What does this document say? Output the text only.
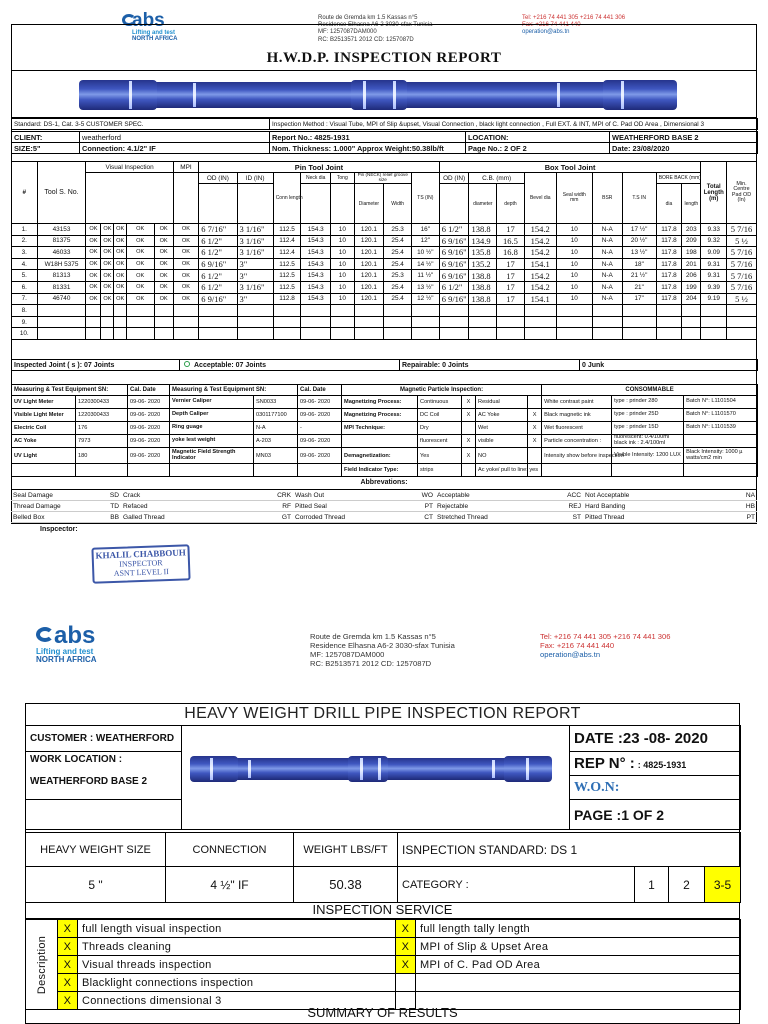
abs
Lifting and test
NORTH AFRICA
Route de Gremda km 1.5 Kassas n°5
Residence Elhasna A6-2 3030-sfax Tunisia
MF: 1257087DAM000
RC: B2513571 2012 CD: 1257087D
Tel: +216 74 441 305 +216 74 441 306
Fax: +216 74 441 440
operation@abs.tn
H.W.D.P. INSPECTION REPORT
Standard: DS-1, Cat. 3-5 CUSTOMER SPEC.	Inspection Method : Visual Tube, MPI of Slip &upset, Visual Connection , black light connection , Full EXT. & INT, MPI of C. Pad OD Area , Dimensional 3
CLIENT:	weatherford	Report No.: 4825-1931	LOCATION:	WEATHERFORD BASE 2
SIZE:5"	Connection: 4.1/2" IF	Nom. Thickness: 1.000" Approx Weight:50.38lb/ft	Page No.: 2 OF 2	Date: 23/08/2020
#	Tool S. No.	Visual Inspection					MPI	Pin Tool Joint								Box Tool Joint									Total Length (m)	Min. Centre Pad OD (In)
								OD (IN)	ID (IN)	Conn length	Neck dia	Tong	Pin (NECK) relief groove size		TS (IN)	OD (IN)	C.B. (mm)		Bevel dia	Seal width mm	BSR	T.S IN	BORE BACK (mm)			
													Diameter	Width			diameter	depth					dia	length		
1.	43153	OK	OK	OK	OK	OK	OK	6 7/16"	3 1/16"	112.5	154.3	10	120.1	25.3	16"	6 1/2"	138.8	17	154.2	10	N-A	17 ½"	117.8	203	9.33	5 7/16
2.	81375	OK	OK	OK	OK	OK	OK	6 1/2"	3 1/16"	112.4	154.3	10	120.1	25.4	12"	6 9/16"	134.9	16.5	154.2	10	N-A	20 ½"	117.8	209	9.32	5 ½
3.	46033	OK	OK	OK	OK	OK	OK	6 1/2"	3 1/16"	112.4	154.3	10	120.1	25.4	10 ½"	6 9/16"	135.8	16.8	154.2	10	N-A	13 ½"	117.8	198	9.09	5 7/16
4.	W18H 5375	OK	OK	OK	OK	OK	OK	6 9/16"	3"	112.5	154.3	10	120.1	25.4	14 ½"	6 9/16"	135.2	17	154.1	10	N-A	18"	117.8	201	9.31	5 7/16
5.	81313	OK	OK	OK	OK	OK	OK	6 1/2"	3"	112.5	154.3	10	120.1	25.3	11 ½"	6 9/16"	138.8	17	154.2	10	N-A	21 ½"	117.8	206	9.31	5 7/16
6.	81331	OK	OK	OK	OK	OK	OK	6 1/2"	3 1/16"	112.5	154.3	10	120.1	25.4	13 ½"	6 1/2"	138.8	17	154.2	10	N-A	21"	117.8	199	9.39	5 7/16
7.	46740	OK	OK	OK	OK	OK	OK	6 9/16"	3"	112.8	154.3	10	120.1	25.4	12 ½"	6 9/16"	138.8	17	154.1	10	N-A	17"	117.8	204	9.19	5 ½
8.																										
9.																										
10.																										
Inspected Joint ( s ): 07 Joints	Acceptable: 07 Joints	Repairable: 0 Joints	0 Junk
Measuring & Test Equipment SN:		Cal. Date	Measuring & Test Equipment SN:		Cal. Date	Magnetic Particle Inspection:					CONSOMMABLE		
UV Light Meter	1220300433	09-06- 2020	Vernier Caliper	SN0033	09-06- 2020	Magnetizing Process:	Continuous	X	Residual		White contrast paint	type : prinder 280	Batch N°: L1101504
Visible Light Meter	1220300433	09-06- 2020	Depth Caliper	0301177100	09-06- 2020	Magnetizing Process:	DC Coil	X	AC Yoke	X	Black magnetic ink	type : prinder 25D	Batch N°: L1101570
Electric Coil	176	09-06- 2020	Ring guage	N-A	-	MPI Technique:	Dry		Wet	X	Wet fluorescent	type : prinder 15D	Batch N°: L1101539
AC Yoke	7973	09-06- 2020	yoke lest weight	A-203	09-06- 2020		fluorescent	X	visible	X	Particle concentration :	fluorescent: 0.4/100ml black ink : 2.4/100ml	
UV Light	180	09-06- 2020	Magnetic Field Strength Indicator	MN03	09-06- 2020	Demagnetization:	Yes	X	NO		Intensity show before inspection	Visible Intensity: 1200 LUX	Black Intensity: 1000 µ watts/cm2 min
						Field Indicator Type:	strips		Ac yoke/ pull to line: yes				
Abbrevations:
Seal Damage	SD	Crack	CRK	Wash Out	WO	Acceptable	ACC	Not Acceptable	NA
Thread Damage	TD	Refaced	RF	Pitted Seal	PT	Rejectable	REJ	Hard Banding	HB
Belled Box	BB	Galled Thread	GT	Corroded Thread	CT	Stretched Thread	ST	Pitted Thread	PT
Inspcector:
KHALIL CHABBOUH
INSPECTOR
ASNT LEVEL II
abs
Lifting and test
NORTH AFRICA
Route de Gremda km 1.5 Kassas n°5
Residence Elhasna A6-2 3030-sfax Tunisia
MF: 1257087DAM000
RC: B2513571 2012 CD: 1257087D
Tel: +216 74 441 305 +216 74 441 306
Fax: +216 74 441 440
operation@abs.tn
HEAVY WEIGHT DRILL PIPE INSPECTION REPORT
CUSTOMER : WEATHERFORD		DATE :23 -08- 2020

WORK LOCATION :
WEATHERFORD BASE 2		REP N° : : 4825-1931
		W.O.N:
		PAGE :1 OF 2
HEAVY WEIGHT SIZE	CONNECTION	WEIGHT LBS/FT	ISNPECTION STANDARD: DS 1			
5 "	4 ½" IF	50.38	CATEGORY :	1	2	3-5
INSPECTION SERVICE
Description	X	full length visual inspection	X	full length tally length
	X	Threads cleaning	X	MPI of Slip & Upset Area
	X	Visual threads inspection	X	MPI of C. Pad OD Area
	X	Blacklight connections inspection		
	X	Connections dimensional 3		
SUMMARY OF RESULTS
